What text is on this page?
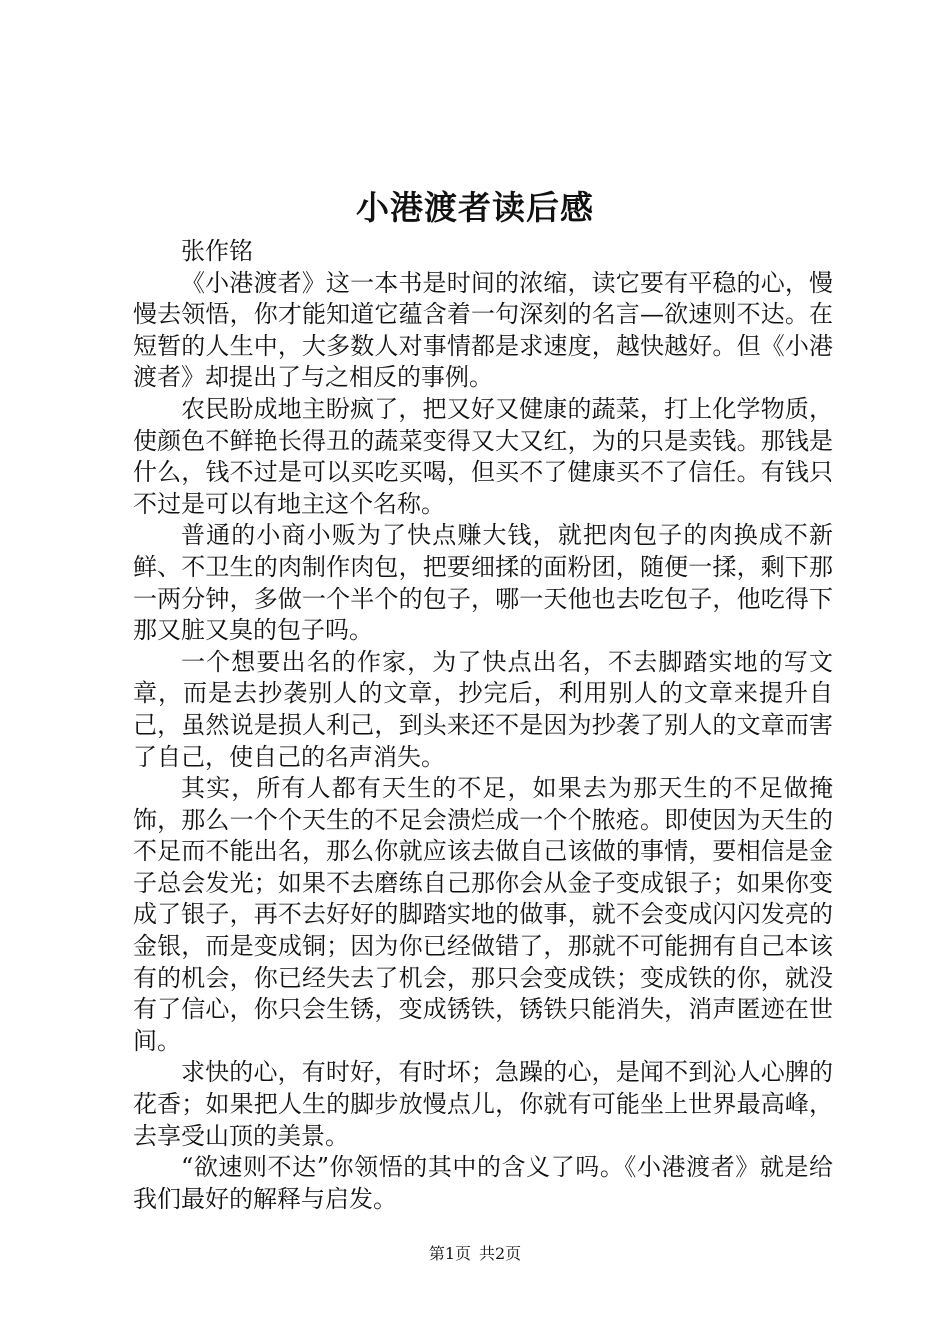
小港渡者读后感

张作铭

《小港渡者》这一本书是时间的浓缩，读它要有平稳的心，慢慢去领悟，你才能知道它蕴含着一句深刻的名言—欲速则不达。在短暂的人生中，大多数人对事情都是求速度，越快越好。但《小港渡者》却提出了与之相反的事例。

农民盼成地主盼疯了，把又好又健康的蔬菜，打上化学物质，使颜色不鲜艳长得丑的蔬菜变得又大又红，为的只是卖钱。那钱是什么，钱不过是可以买吃买喝，但买不了健康买不了信任。有钱只不过是可以有地主这个名称。

普通的小商小贩为了快点赚大钱，就把肉包子的肉换成不新鲜、不卫生的肉制作肉包，把要细揉的面粉团，随便一揉，剩下那一两分钟，多做一个半个的包子，哪一天他也去吃包子，他吃得下那又脏又臭的包子吗。

一个想要出名的作家，为了快点出名，不去脚踏实地的写文章，而是去抄袭别人的文章，抄完后，利用别人的文章来提升自己，虽然说是损人利己，到头来还不是因为抄袭了别人的文章而害了自己，使自己的名声消失。

其实，所有人都有天生的不足，如果去为那天生的不足做掩饰，那么一个个天生的不足会溃烂成一个个脓疮。即使因为天生的不足而不能出名，那么你就应该去做自己该做的事情，要相信是金子总会发光；如果不去磨练自己那你会从金子变成银子；如果你变成了银子，再不去好好的脚踏实地的做事，就不会变成闪闪发亮的金银，而是变成铜；因为你已经做错了，那就不可能拥有自己本该有的机会，你已经失去了机会，那只会变成铁；变成铁的你，就没有了信心，你只会生锈，变成锈铁，锈铁只能消失，消声匿迹在世间。

求快的心，有时好，有时坏；急躁的心，是闻不到沁人心脾的花香；如果把人生的脚步放慢点儿，你就有可能坐上世界最高峰，去享受山顶的美景。

“欲速则不达”你领悟的其中的含义了吗。《小港渡者》就是给我们最好的解释与启发。

第1页 共2页
